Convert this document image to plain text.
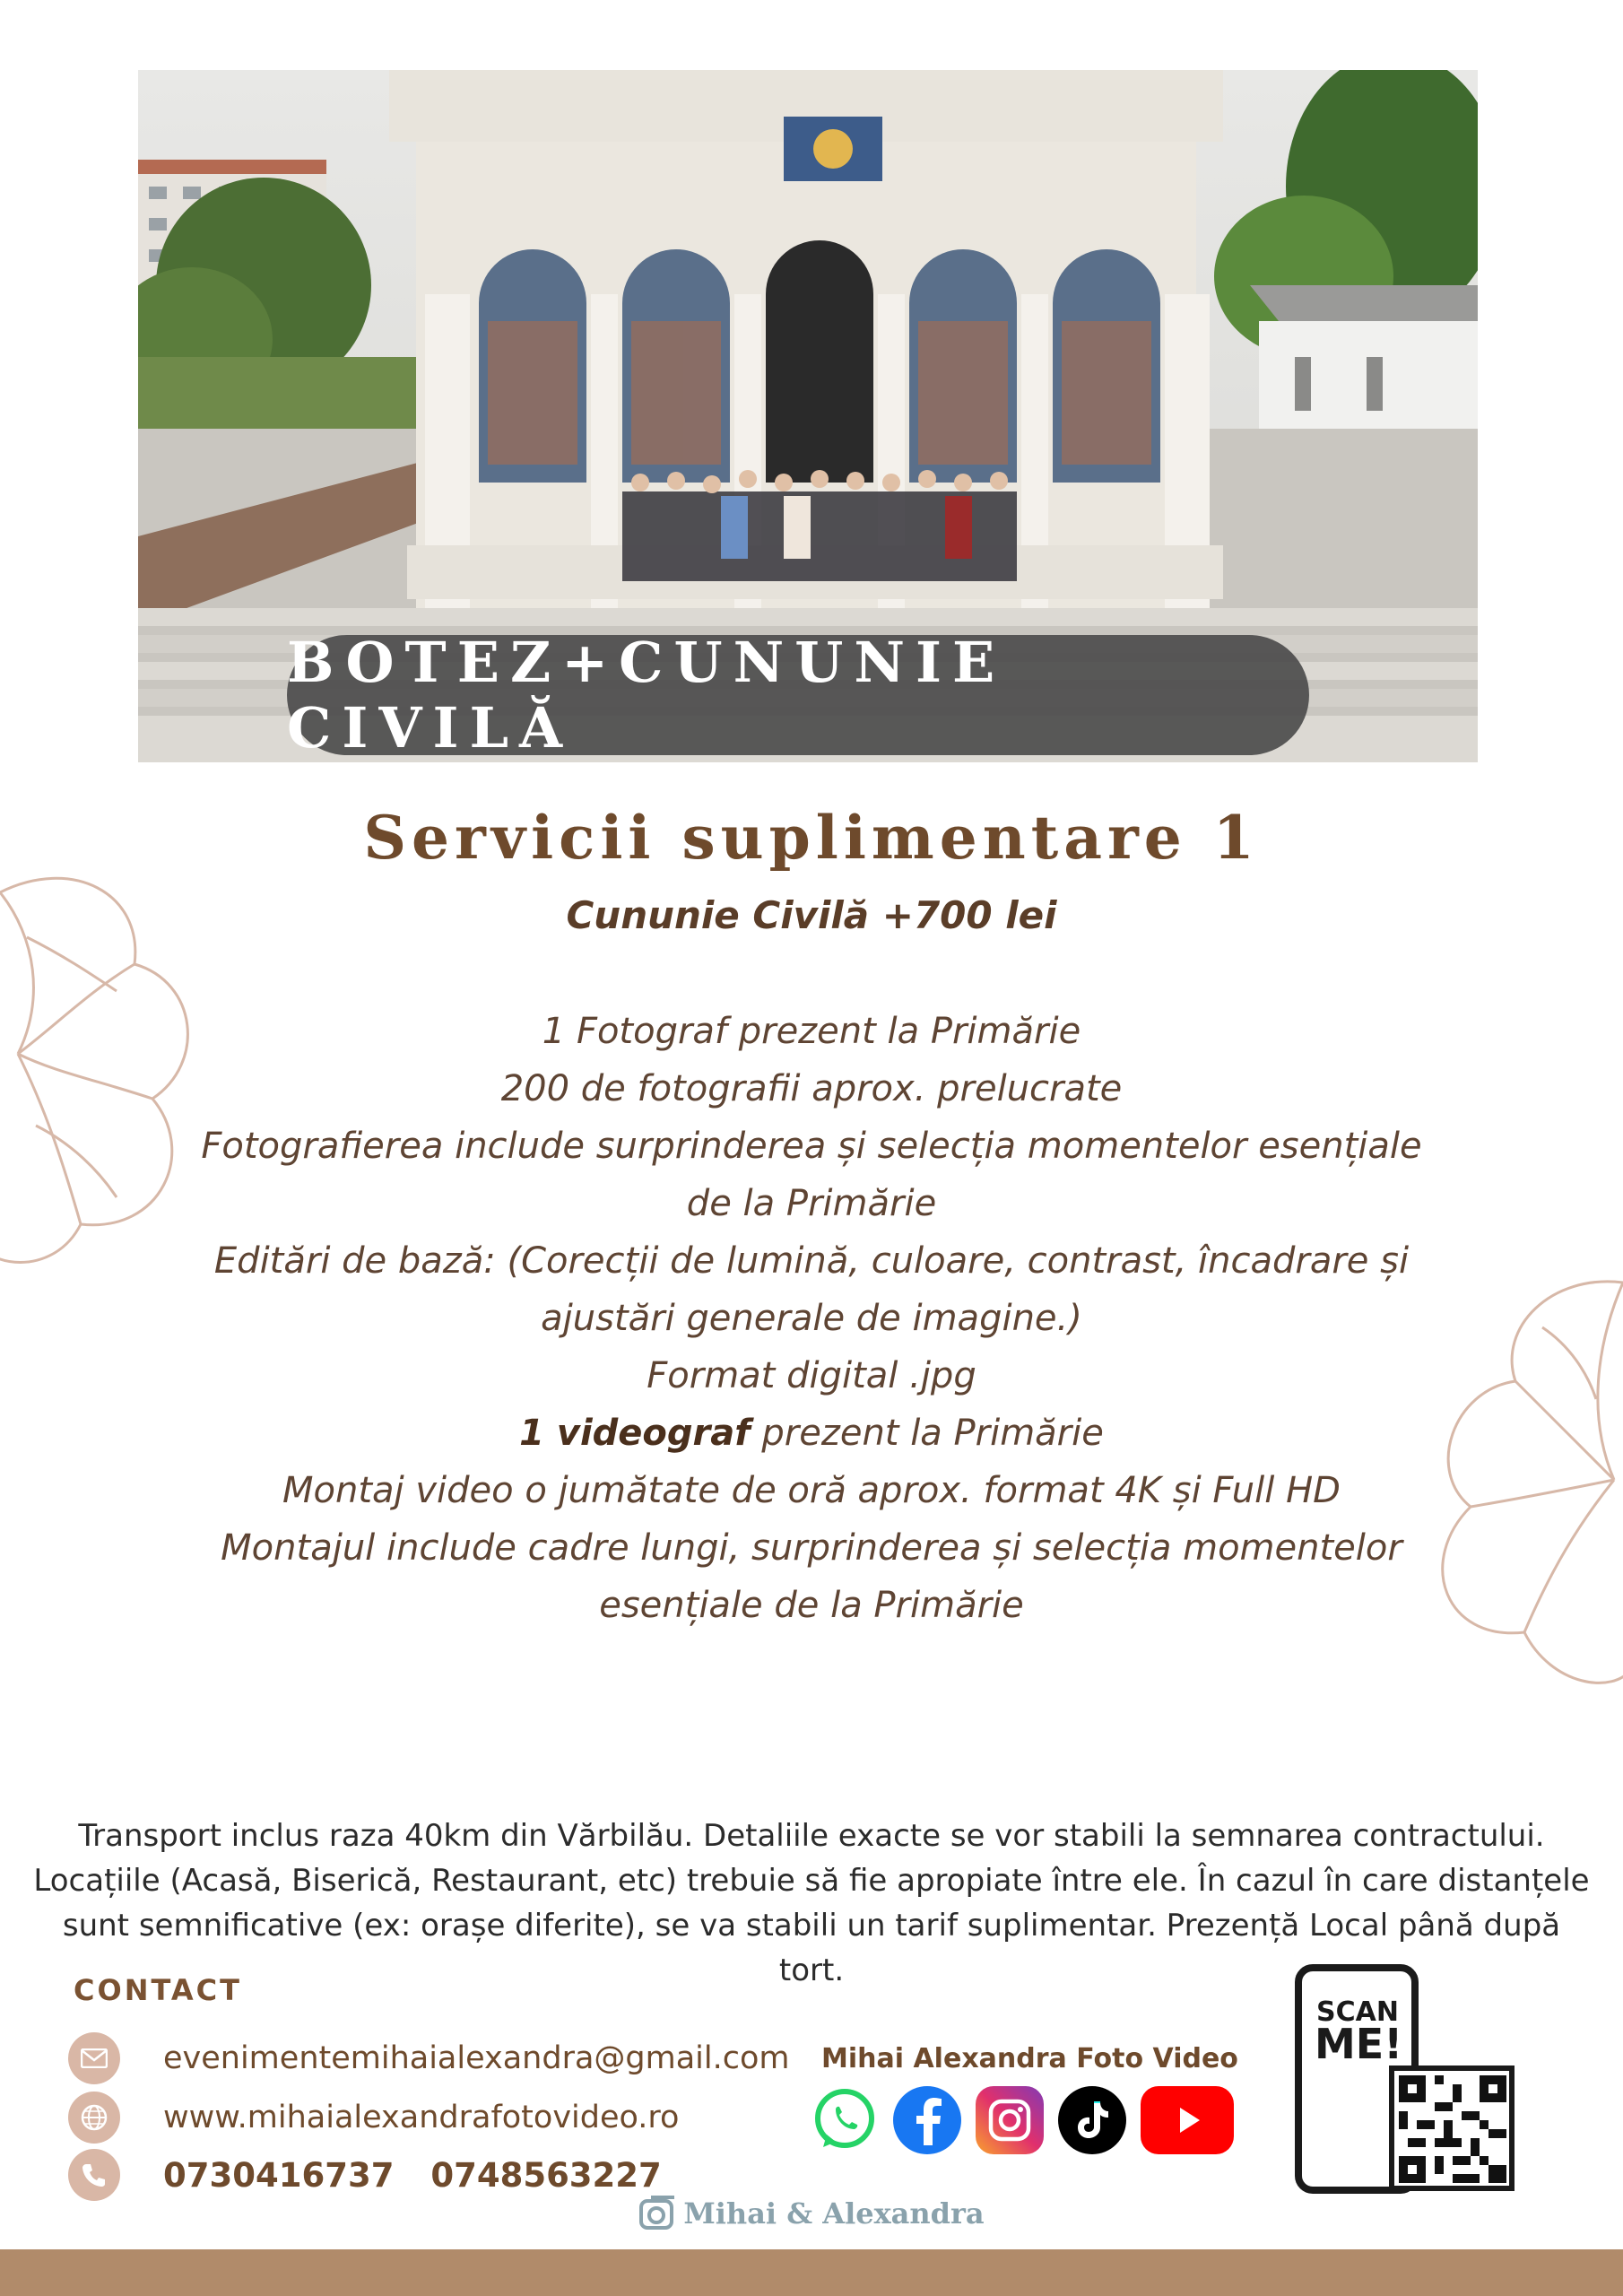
BOTEZ+CUNUNIE CIVILĂ
Servicii suplimentare 1
Cununie Civilă +700 lei
1 Fotograf prezent la Primărie
200 de fotografii aprox. prelucrate
Fotografierea include surprinderea și selecția momentelor esențiale
de la Primărie
Editări de bază: (Corecții de lumină, culoare, contrast, încadrare și
ajustări generale de imagine.)
Format digital .jpg
1 videograf prezent la Primărie
Montaj video o jumătate de oră aprox. format 4K și Full HD
Montajul include cadre lungi, surprinderea și selecția momentelor
esențiale de la Primărie
Transport inclus raza 40km din Vărbilău. Detaliile exacte se vor stabili la semnarea contractului.
Locațiile (Acasă, Biserică, Restaurant, etc) trebuie să fie apropiate între ele. În cazul în care distanțele
sunt semnificative (ex: orașe diferite), se va stabili un tarif suplimentar. Prezență Local până după tort.
CONTACT
evenimentemihaialexandra@gmail.com
www.mihaialexandrafotovideo.ro
0730416737 0748563227
Mihai Alexandra Foto Video
SCAN
ME!
Mihai & Alexandra
